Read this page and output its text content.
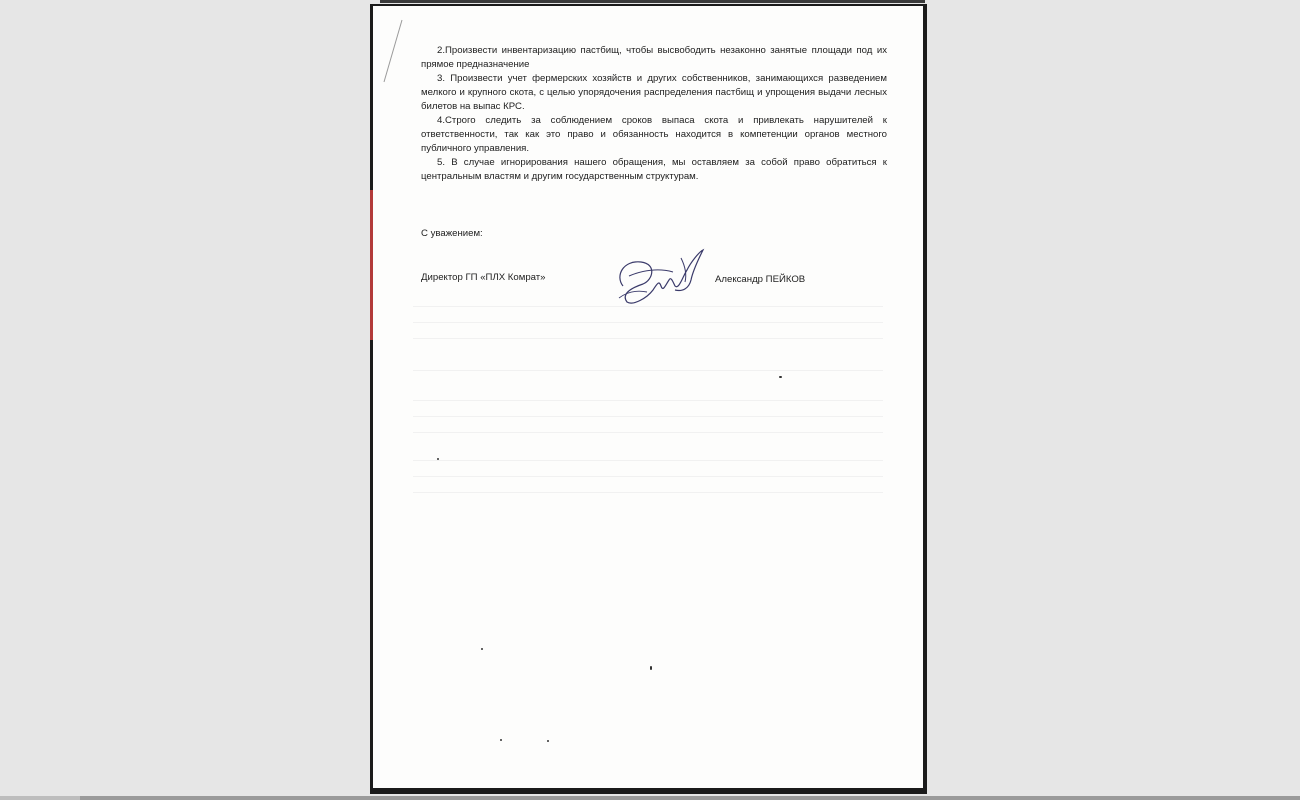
2.Произвести инвентаризацию пастбищ, чтобы высвободить незаконно занятые площади под их прямое предназначение

3. Произвести учет фермерских хозяйств и других собственников, занимающихся разведением мелкого и крупного скота, с целью упорядочения распределения пастбищ и упрощения выдачи лесных билетов на выпас КРС.

4.Строго следить за соблюдением сроков выпаса скота и привлекать нарушителей к ответственности, так как это право и обязанность находится в компетенции органов местного публичного управления.

5. В случае игнорирования нашего обращения, мы оставляем за собой право обратиться к центральным властям и другим государственным структурам.

С уважением:
Директор ГП «ПЛХ Комрат»	Александр ПЕЙКОВ
